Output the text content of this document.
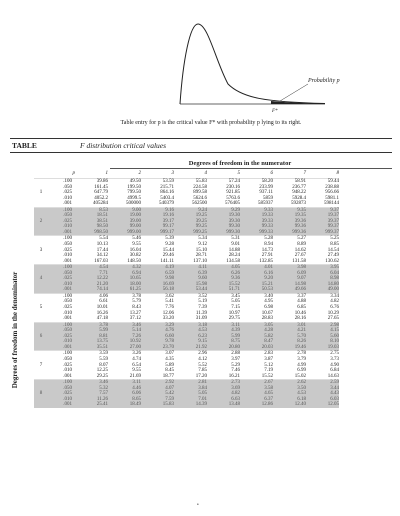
Probability p
F*
Table entry for p is the critical value F* with probability p lying to its right.
TABLE	F distribution critical values
Degrees of freedom in the numerator
Degrees of freedom in the denominator
	p	1	2	3	4	5	6	7	8
	.100	39.86	49.50	53.59	55.83	57.24	58.20	58.91	59.44
	.050	161.45	199.50	215.71	224.58	230.16	233.99	236.77	238.88
1	.025	647.79	799.50	864.16	899.58	921.85	937.11	948.22	956.66
	.010	4052.2	4999.5	5403.4	5624.6	5763.6	5859	5928.4	5981.1
	.001	405284	500000	540379	562500	576405	585937	592873	598144
	.100	8.53	9.00	9.16	9.24	9.29	9.33	9.35	9.37
	.050	18.51	19.00	19.16	19.25	19.30	19.33	19.35	19.37
2	.025	38.51	39.00	39.17	39.25	39.30	39.33	39.36	39.37
	.010	98.50	99.00	99.17	99.25	99.30	99.33	99.36	99.37
	.001	998.50	999.00	999.17	999.25	999.30	999.33	999.36	999.37
	.100	5.54	5.46	5.39	5.34	5.31	5.28	5.27	5.25
	.050	10.13	9.55	9.28	9.12	9.01	8.94	8.89	8.85
3	.025	17.44	16.04	15.44	15.10	14.88	14.73	14.62	14.54
	.010	34.12	30.82	29.46	28.71	28.24	27.91	27.67	27.49
	.001	167.03	148.50	141.11	137.10	134.58	132.85	131.58	130.62
	.100	4.54	4.32	4.19	4.11	4.05	4.01	3.98	3.95
	.050	7.71	6.94	6.59	6.39	6.26	6.16	6.09	6.04
4	.025	12.22	10.65	9.98	9.60	9.36	9.20	9.07	8.98
	.010	21.20	18.00	16.69	15.98	15.52	15.21	14.98	14.80
	.001	74.14	61.25	56.18	53.44	51.71	50.53	49.66	49.00
	.100	4.06	3.78	3.62	3.52	3.45	3.40	3.37	3.34
	.050	6.61	5.79	5.41	5.19	5.05	4.95	4.88	4.82
5	.025	10.01	8.43	7.76	7.39	7.15	6.98	6.85	6.76
	.010	16.26	13.27	12.06	11.39	10.97	10.67	10.46	10.29
	.001	47.18	37.12	33.20	31.09	29.75	28.83	28.16	27.65
	.100	3.78	3.46	3.29	3.18	3.11	3.05	3.01	2.98
	.050	5.99	5.14	4.76	4.53	4.39	4.28	4.21	4.15
6	.025	8.81	7.26	6.60	6.23	5.99	5.82	5.70	5.60
	.010	13.75	10.92	9.78	9.15	8.75	8.47	8.26	8.10
	.001	35.51	27.00	23.70	21.92	20.80	20.03	19.46	19.03
	.100	3.59	3.26	3.07	2.96	2.88	2.83	2.78	2.75
	.050	5.59	4.74	4.35	4.12	3.97	3.87	3.79	3.73
7	.025	8.07	6.54	5.89	5.52	5.29	5.12	4.99	4.90
	.010	12.25	9.55	8.45	7.85	7.46	7.19	6.99	6.84
	.001	29.25	21.69	18.77	17.20	16.21	15.52	15.02	14.63
	.100	3.46	3.11	2.92	2.81	2.73	2.67	2.62	2.59
	.050	5.32	4.46	4.07	3.84	3.69	3.58	3.50	3.44
8	.025	7.57	6.06	5.42	5.05	4.82	4.65	4.53	4.43
	.010	11.26	8.65	7.59	7.01	6.63	6.37	6.18	6.03
	.001	25.41	18.49	15.83	14.39	13.48	12.86	12.40	12.05
•
